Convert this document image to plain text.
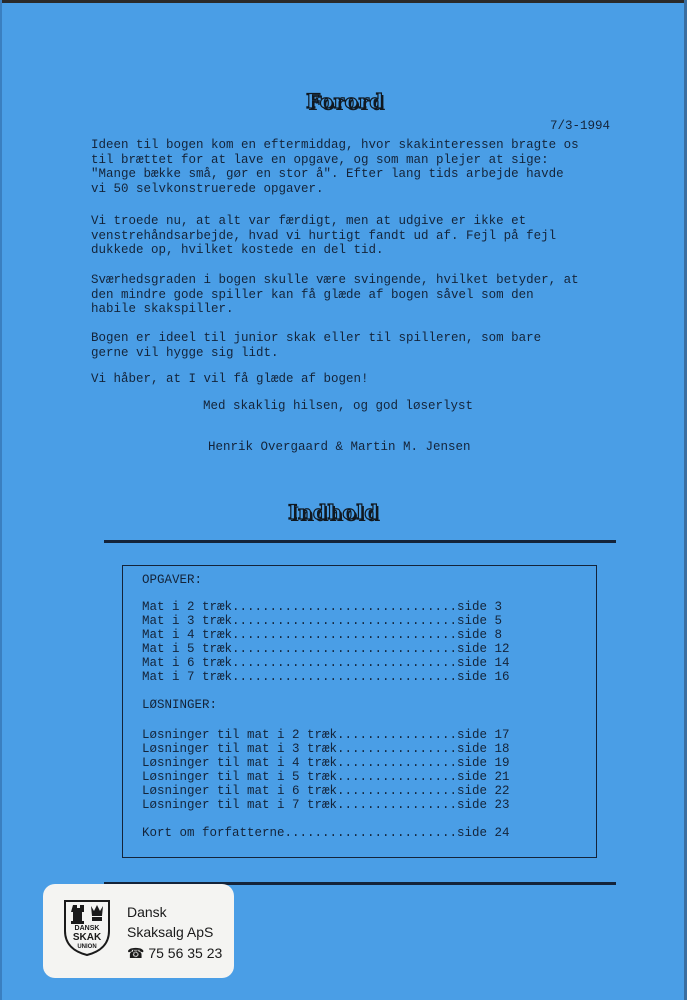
Forord
7/3-1994

Ideen til bogen kom en eftermiddag, hvor skakinteressen bragte os
til brættet for at lave en opgave, og som man plejer at sige:
"Mange bække små, gør en stor å". Efter lang tids arbejde havde
vi 50 selvkonstruerede opgaver.

Vi troede nu, at alt var færdigt, men at udgive er ikke et
venstrehåndsarbejde, hvad vi hurtigt fandt ud af. Fejl på fejl
dukkede op, hvilket kostede en del tid.

Sværhedsgraden i bogen skulle være svingende, hvilket betyder, at
den mindre gode spiller kan få glæde af bogen såvel som den
habile skakspiller.

Bogen er ideel til junior skak eller til spilleren, som bare
gerne vil hygge sig lidt.

Vi håber, at I vil få glæde af bogen!

Med skaklig hilsen, og god løserlyst
Henrik Overgaard & Martin M. Jensen
Indhold
OPGAVER:
Mat i 2 træk..............................side 3
Mat i 3 træk..............................side 5
Mat i 4 træk..............................side 8
Mat i 5 træk..............................side 12
Mat i 6 træk..............................side 14
Mat i 7 træk..............................side 16
LØSNINGER:
Løsninger til mat i 2 træk................side 17
Løsninger til mat i 3 træk................side 18
Løsninger til mat i 4 træk................side 19
Løsninger til mat i 5 træk................side 21
Løsninger til mat i 6 træk................side 22
Løsninger til mat i 7 træk................side 23
Kort om forfatterne.......................side 24
DANSK
SKAK
UNION
Dansk
Skaksalg ApS
☎ 75 56 35 23
